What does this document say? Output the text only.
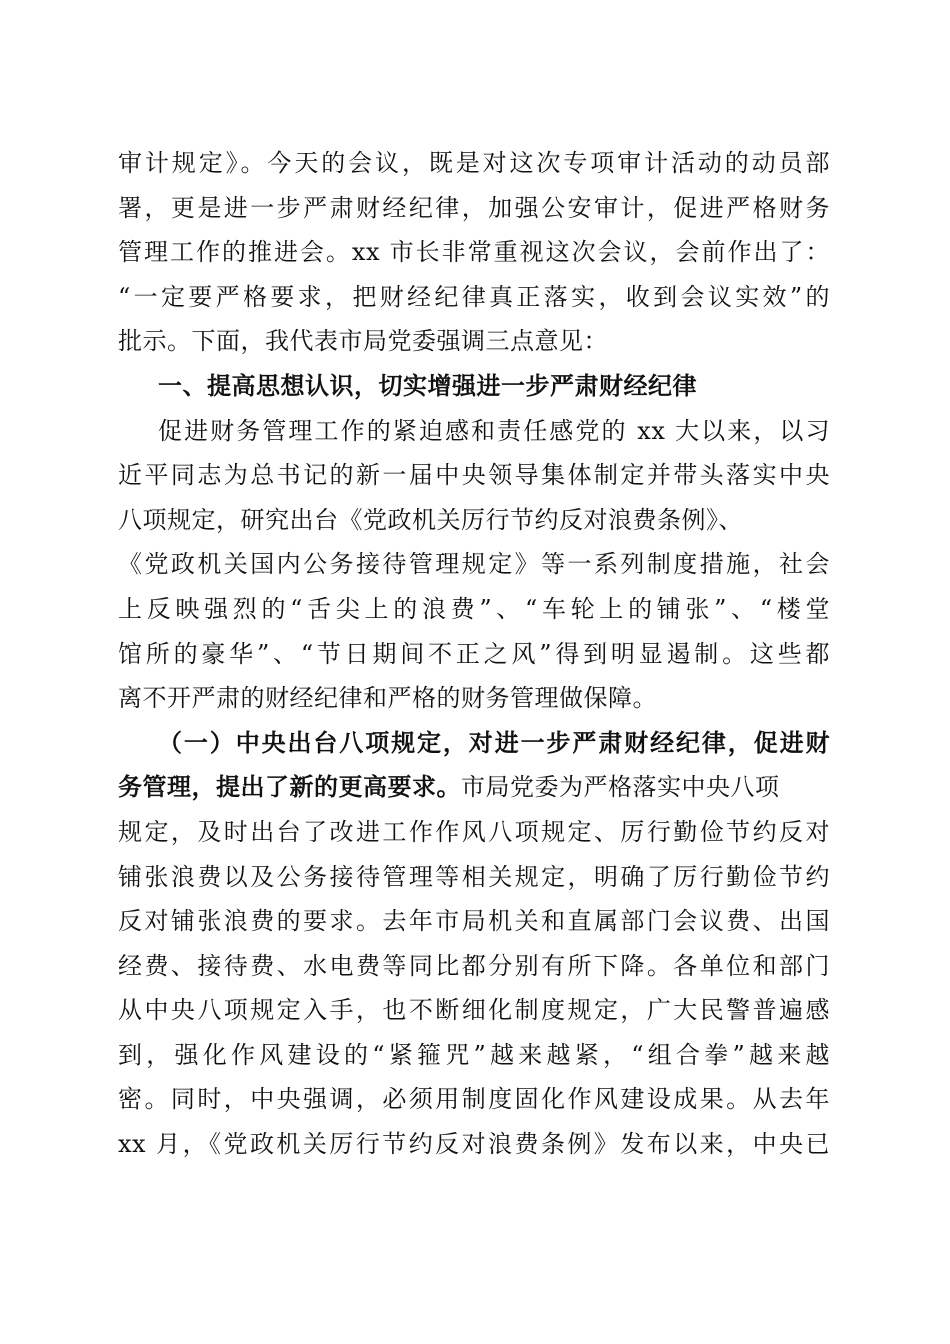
审计规定》。今天的会议，既是对这次专项审计活动的动员部
署，更是进一步严肃财经纪律，加强公安审计，促进严格财务
管理工作的推进会。xx 市长非常重视这次会议，会前作出了：
“一定要严格要求，把财经纪律真正落实，收到会议实效”的
批示。下面，我代表市局党委强调三点意见：
一、提高思想认识，切实增强进一步严肃财经纪律
促进财务管理工作的紧迫感和责任感党的 xx 大以来，以习
近平同志为总书记的新一届中央领导集体制定并带头落实中央
八项规定，研究出台《党政机关厉行节约反对浪费条例》、
《党政机关国内公务接待管理规定》等一系列制度措施，社会
上反映强烈的“舌尖上的浪费”、“车轮上的铺张”、“楼堂
馆所的豪华”、“节日期间不正之风”得到明显遏制。这些都
离不开严肃的财经纪律和严格的财务管理做保障。
（一）中央出台八项规定，对进一步严肃财经纪律，促进财
务管理，提出了新的更高要求。市局党委为严格落实中央八项
规定，及时出台了改进工作作风八项规定、厉行勤俭节约反对
铺张浪费以及公务接待管理等相关规定，明确了厉行勤俭节约
反对铺张浪费的要求。去年市局机关和直属部门会议费、出国
经费、接待费、水电费等同比都分别有所下降。各单位和部门
从中央八项规定入手，也不断细化制度规定，广大民警普遍感
到，强化作风建设的“紧箍咒”越来越紧，“组合拳”越来越
密。同时，中央强调，必须用制度固化作风建设成果。从去年
xx 月，《党政机关厉行节约反对浪费条例》发布以来，中央已
